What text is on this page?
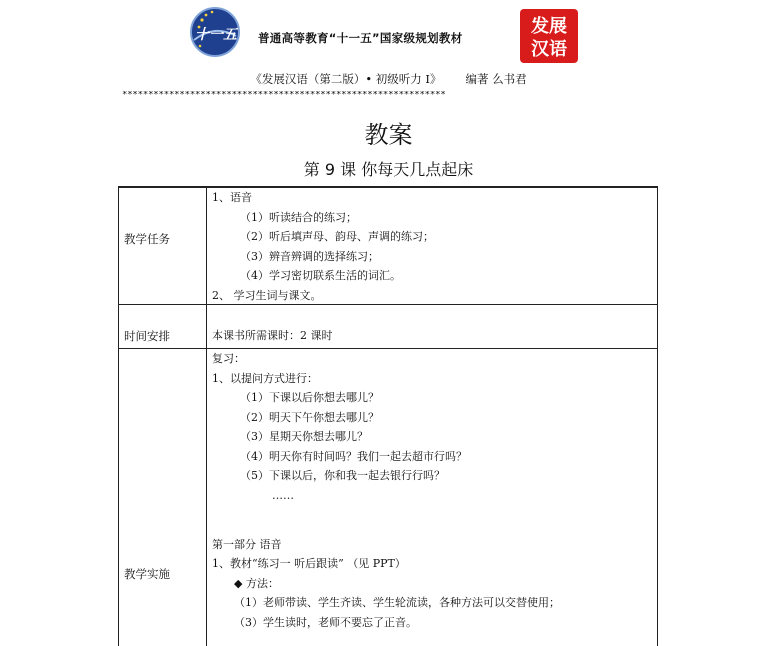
十一五 普通高等教育“十一五”国家级规划教材
发展
汉语
《发展汉语（第二版）• 初级听力 I》 编著 么书君
**************************************************************
教案
第 9 课 你每天几点起床
教学任务
1、语音
（1）听读结合的练习；
（2）听后填声母、韵母、声调的练习；
（3）辨音辨调的选择练习；
（4）学习密切联系生活的词汇。
2、 学习生词与课文。
时间安排	本课书所需课时：2 课时
教学实施
复习：
1、以提问方式进行：
（1）下课以后你想去哪儿？
（2）明天下午你想去哪儿？
（3）星期天你想去哪儿？
（4）明天你有时间吗？我们一起去超市行吗？
（5）下课以后，你和我一起去银行行吗？
……
第一部分 语音
1、教材“练习一 听后跟读” （见 PPT）
◆ 方法：
（1）老师带读、学生齐读、学生轮流读，各种方法可以交替使用；
（3）学生读时，老师不要忘了正音。
